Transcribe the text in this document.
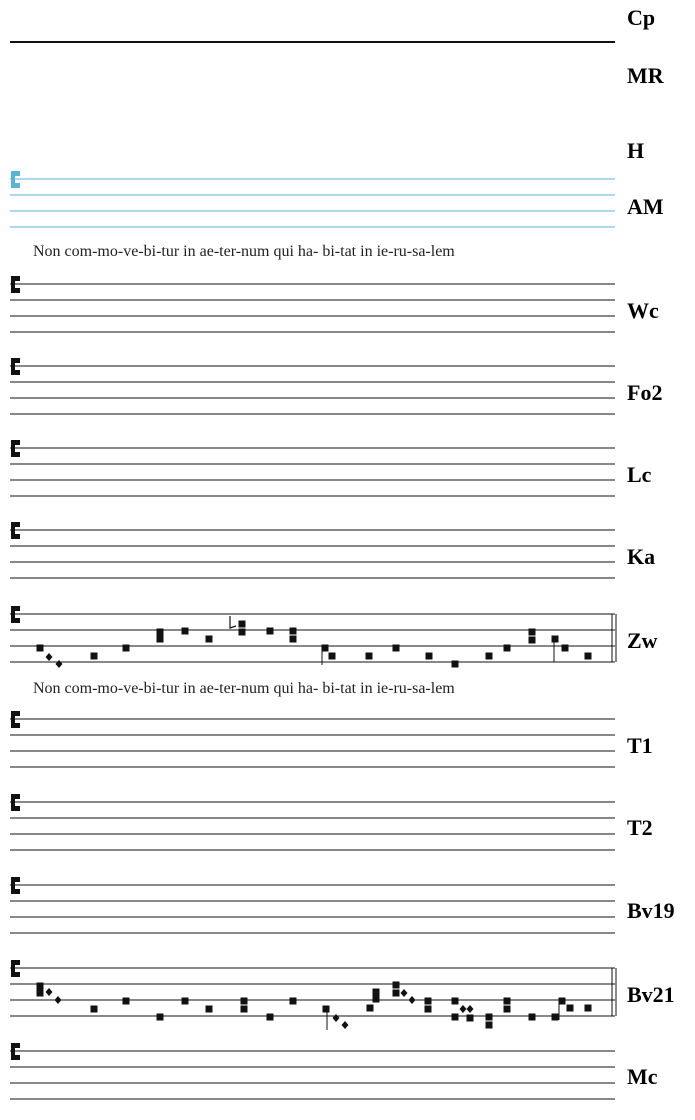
Cp
MR
H
AM
Non com-mo-ve-bi-tur in ae-ter-num qui ha- bi-tat in ie-ru-sa-lem
Wc
Fo2
Lc
Ka
Zw
Non com-mo-ve-bi-tur in ae-ter-num qui ha- bi-tat in ie-ru-sa-lem
T1
T2
Bv19
Bv21
Mc
